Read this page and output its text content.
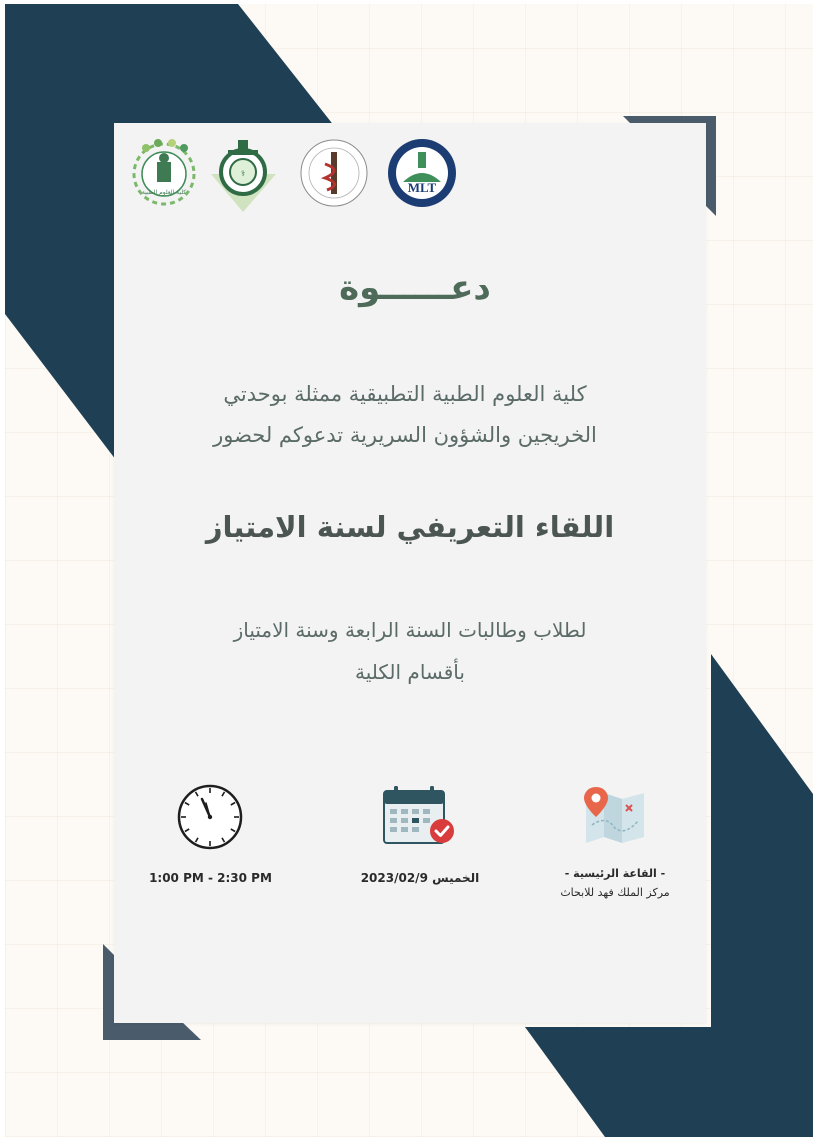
كلية العلوم الطبية
⚕
MLT
دعــــــوة
كلية العلوم الطبية التطبيقية ممثلة بوحدتي
الخريجين والشؤون السريرية تدعوكم لحضور
اللقاء التعريفي لسنة الامتياز
لطلاب وطالبات السنة الرابعة وسنة الامتياز
بأقسام الكلية
1:00 PM - 2:30 PM	الخميس 2023/02/9	- القاعة الرئيسية -
مركز الملك فهد للابحاث
